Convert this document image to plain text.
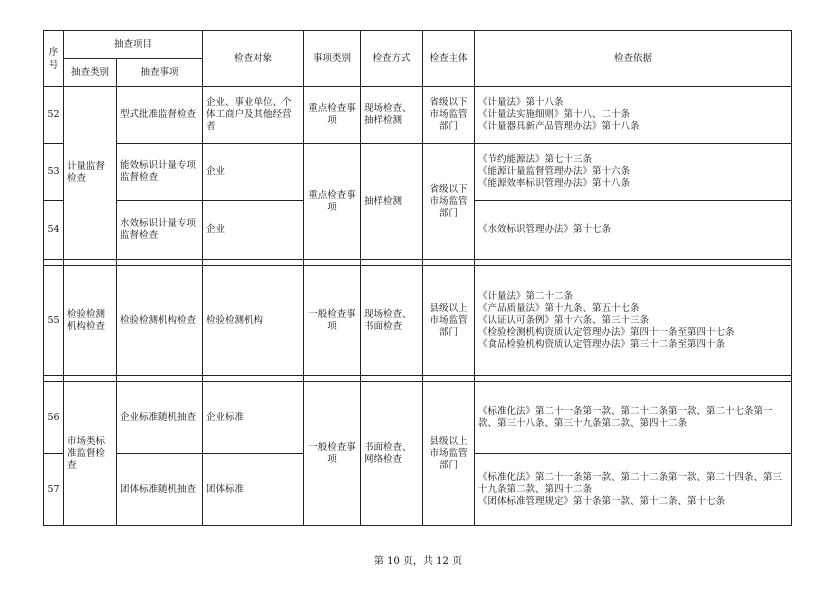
序号	抽查项目		检查对象	事项类别	检查方式	检查主体	检查依据
	抽查类别	抽查事项					
52	计量监督检查	型式批准监督检查	企业、事业单位、个体工商户及其他经营者	重点检查事项	现场检查、抽样检测	省级以下市场监管部门	《计量法》第十八条
《计量法实施细则》第十八、二十条
《计量器具新产品管理办法》第十八条

53		能效标识计量专项监督检查	企业	重点检查事项	抽样检测	省级以下市场监管部门	《节约能源法》第七十三条
《能源计量监督管理办法》第十六条
《能源效率标识管理办法》第十八条

54		水效标识计量专项监督检查	企业				《水效标识管理办法》第十七条

55	检验检测机构检查	检验检测机构检查	检验检测机构	一般检查事项	现场检查、书面检查	县级以上市场监管部门	《计量法》第二十二条
《产品质量法》第十九条、第五十七条
《认证认可条例》第十六条、第三十三条
《检验检测机构资质认定管理办法》第四十一条至第四十七条
《食品检验机构资质认定管理办法》第三十二条至第四十条

56	市场类标准监督检查	企业标准随机抽查	企业标准	一般检查事项	书面检查、网络检查	县级以上市场监管部门	《标准化法》第二十一条第一款、第二十二条第一款、第二十七条第一款、第三十八条、第三十九条第二款、第四十二条

57		团体标准随机抽查	团体标准				《标准化法》第二十一条第一款、第二十二条第一款、第二十四条、第三十九条第二款、第四十二条
《团体标准管理规定》第十条第一款、第十二条、第十七条
第 10 页，共 12 页
